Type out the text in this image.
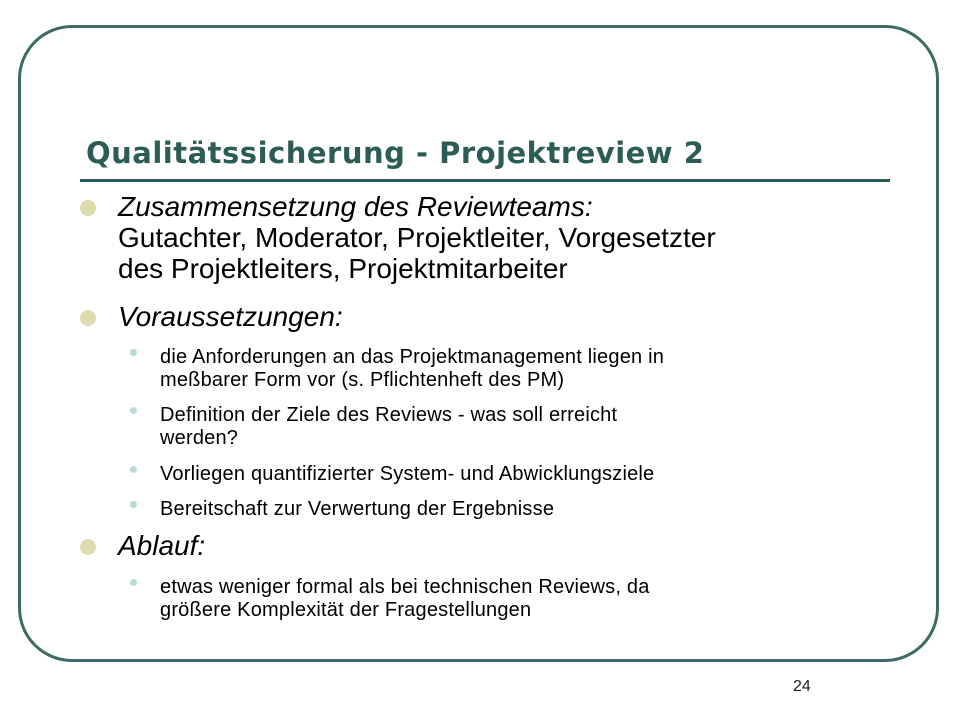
Qualitätssicherung - Projektreview 2
Zusammensetzung des Reviewteams:
Gutachter, Moderator, Projektleiter, Vorgesetzter
des Projektleiters, Projektmitarbeiter
Voraussetzungen:
die Anforderungen an das Projektmanagement liegen in
meßbarer Form vor (s. Pflichtenheft des PM)
Definition der Ziele des Reviews - was soll erreicht
werden?
Vorliegen quantifizierter System- und Abwicklungsziele
Bereitschaft zur Verwertung der Ergebnisse
Ablauf:
etwas weniger formal als bei technischen Reviews, da
größere Komplexität der Fragestellungen
24
